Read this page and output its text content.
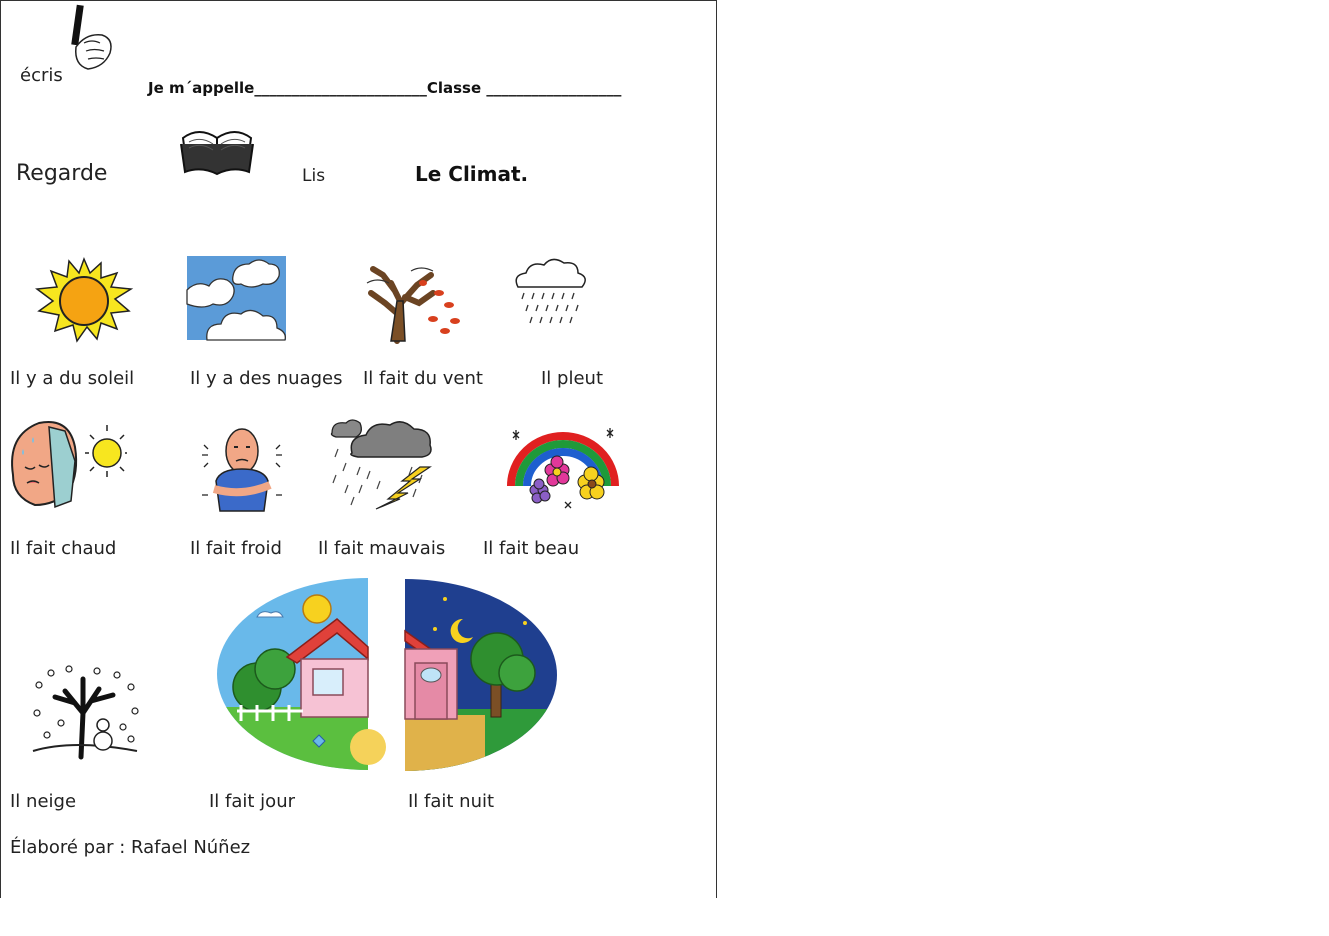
écris
Je m´appelle_______________________Classe __________________
Regarde	Lis	Le Climat.
Il y a du soleil	Il y a des nuages Il fait du vent	Il pleut
Il fait chaud	Il fait froid Il fait mauvais Il fait beau
Il neige	Il fait jour	Il fait nuit
Élaboré par : Rafael Núñez
